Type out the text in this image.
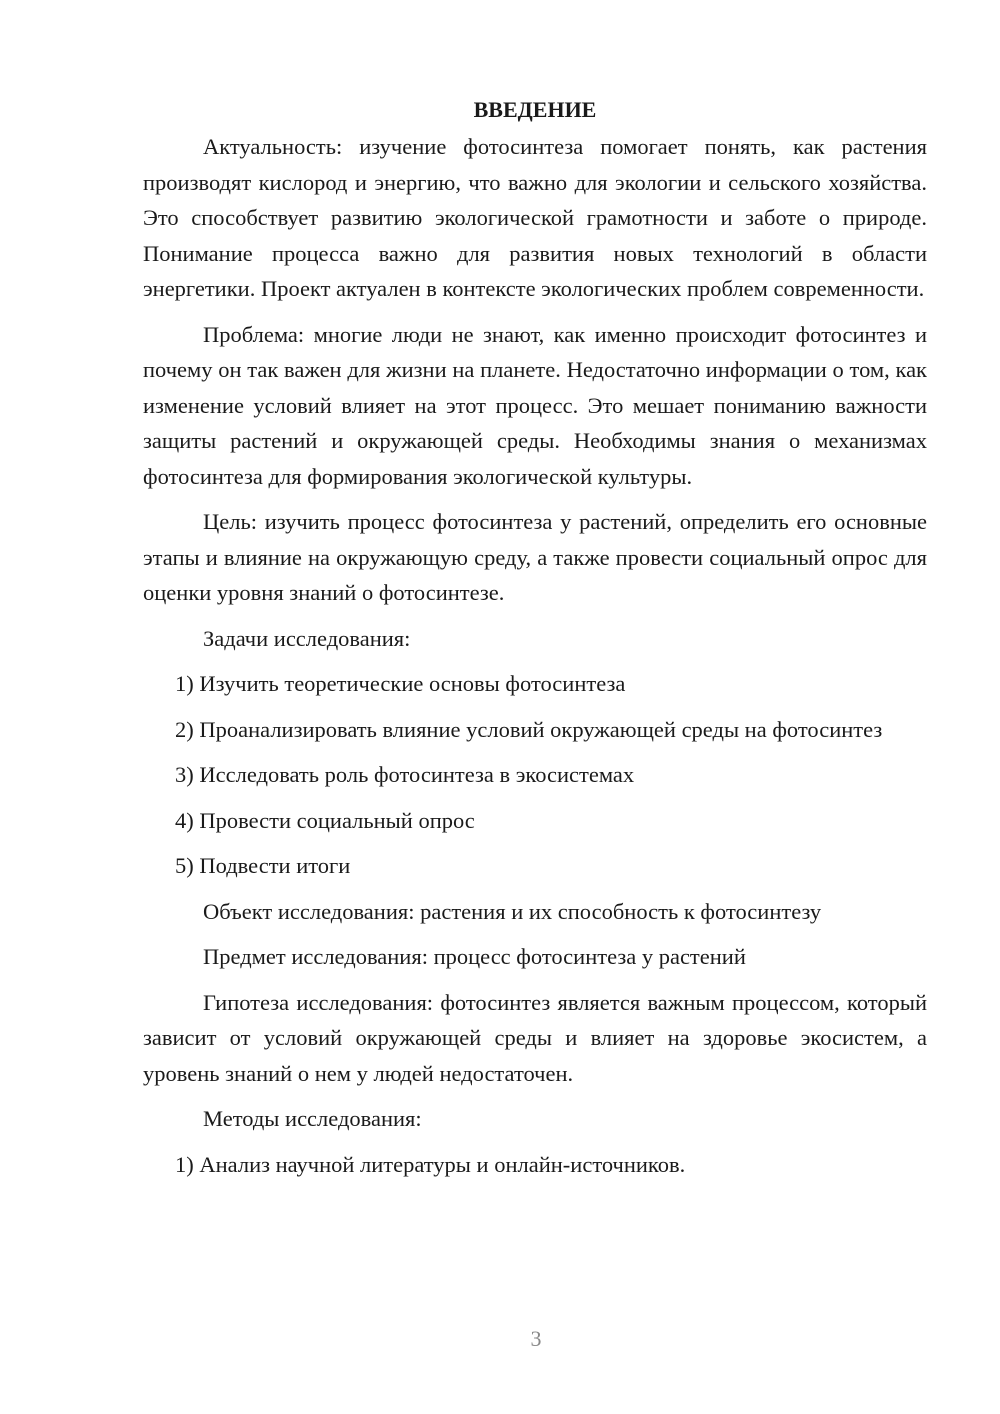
ВВЕДЕНИЕ

Актуальность: изучение фотосинтеза помогает понять, как растения производят кислород и энергию, что важно для экологии и сельского хозяйства. Это способствует развитию экологической грамотности и заботе о природе. Понимание процесса важно для развития новых технологий в области энергетики. Проект актуален в контексте экологических проблем современности.

Проблема: многие люди не знают, как именно происходит фотосинтез и почему он так важен для жизни на планете. Недостаточно информации о том, как изменение условий влияет на этот процесс. Это мешает пониманию важности защиты растений и окружающей среды. Необходимы знания о механизмах фотосинтеза для формирования экологической культуры.

Цель: изучить процесс фотосинтеза у растений, определить его основные этапы и влияние на окружающую среду, а также провести социальный опрос для оценки уровня знаний о фотосинтезе.

Задачи исследования:

1) Изучить теоретические основы фотосинтеза

2) Проанализировать влияние условий окружающей среды на фотосинтез

3) Исследовать роль фотосинтеза в экосистемах

4) Провести социальный опрос

5) Подвести итоги

Объект исследования: растения и их способность к фотосинтезу

Предмет исследования: процесс фотосинтеза у растений

Гипотеза исследования: фотосинтез является важным процессом, который зависит от условий окружающей среды и влияет на здоровье экосистем, а уровень знаний о нем у людей недостаточен.

Методы исследования:

1) Анализ научной литературы и онлайн-источников.

3
